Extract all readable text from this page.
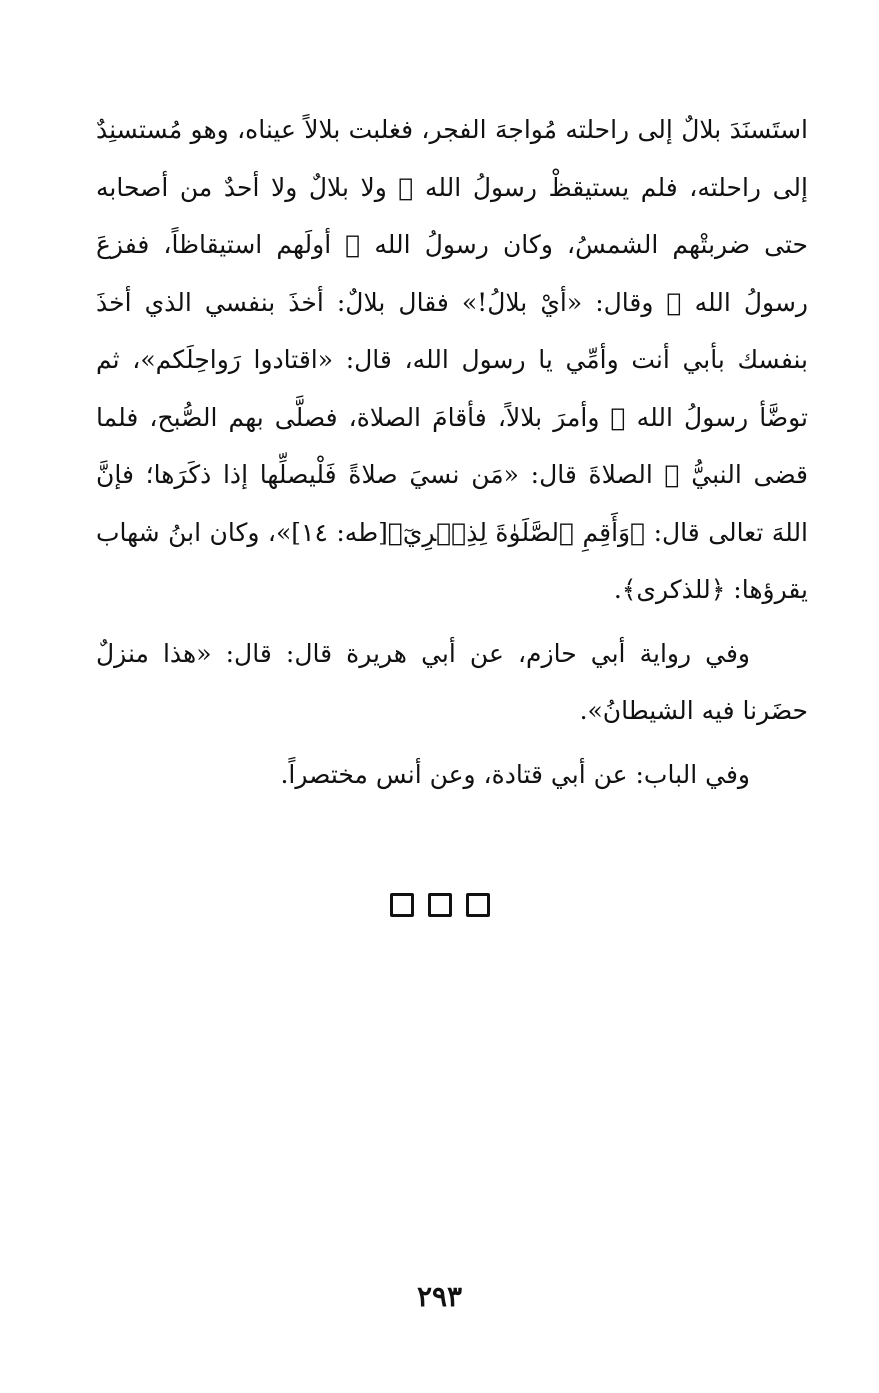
استَسنَدَ بلالٌ إلى راحلته مُواجهَ الفجر، فغلبت بلالاً عيناه، وهو مُستسنِدٌ إلى راحلته، فلم يستيقظْ رسولُ الله ﷺ ولا بلالٌ ولا أحدٌ من أصحابه حتى ضربتْهم الشمسُ، وكان رسولُ الله ﷺ أولَهم استيقاظاً، ففزعَ رسولُ الله ﷺ وقال: «أيْ بلالُ!» فقال بلالٌ: أخذَ بنفسي الذي أخذَ بنفسك بأبي أنت وأمِّي يا رسول الله، قال: «اقتادوا رَواحِلَكم»، ثم توضَّأ رسولُ الله ﷺ وأمرَ بلالاً، فأقامَ الصلاة، فصلَّى بهم الصُّبح، فلما قضى النبيُّ ﷺ الصلاةَ قال: «مَن نسيَ صلاةً فَلْيصلِّها إذا ذكَرَها؛ فإنَّ اللهَ تعالى قال: ﴿وَأَقِمِ ٱلصَّلَوٰةَ لِذِكۡرِيٓ﴾[طه: ١٤]»، وكان ابنُ شهاب يقرؤها: ﴿للذكرى﴾.

وفي رواية أبي حازم، عن أبي هريرة قال: قال: «هذا منزلٌ حضَرنا فيه الشيطانُ».

وفي الباب: عن أبي قتادة، وعن أنس مختصراً.

٢٩٣
